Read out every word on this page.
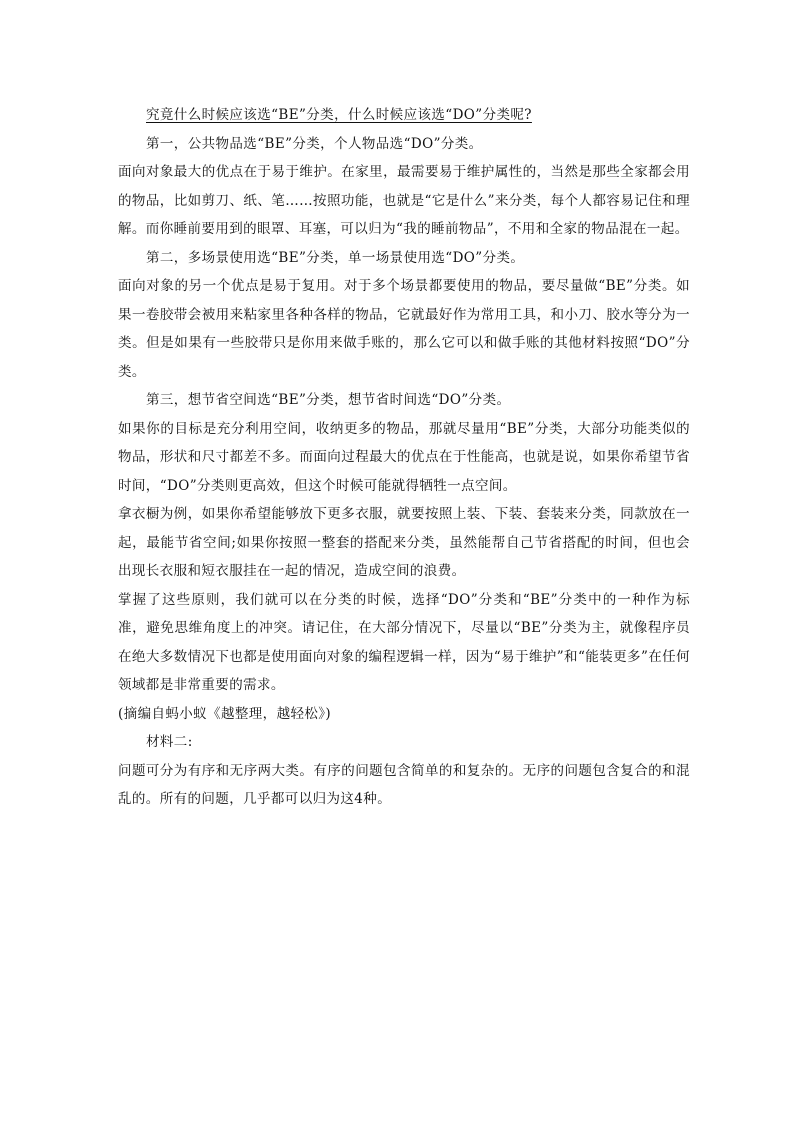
究竟什么时候应该选“BE”分类，什么时候应该选“DO”分类呢?

第一，公共物品选“BE”分类，个人物品选“DO”分类。

面向对象最大的优点在于易于维护。在家里，最需要易于维护属性的，当然是那些全家都会用的物品，比如剪刀、纸、笔……按照功能，也就是“它是什么”来分类，每个人都容易记住和理解。而你睡前要用到的眼罩、耳塞，可以归为“我的睡前物品”，不用和全家的物品混在一起。

第二，多场景使用选“BE”分类，单一场景使用选“DO”分类。

面向对象的另一个优点是易于复用。对于多个场景都要使用的物品，要尽量做“BE”分类。如果一卷胶带会被用来粘家里各种各样的物品，它就最好作为常用工具，和小刀、胶水等分为一类。但是如果有一些胶带只是你用来做手账的，那么它可以和做手账的其他材料按照“DO”分类。

第三，想节省空间选“BE”分类，想节省时间选“DO”分类。

如果你的目标是充分利用空间，收纳更多的物品，那就尽量用“BE”分类，大部分功能类似的物品，形状和尺寸都差不多。而面向过程最大的优点在于性能高，也就是说，如果你希望节省时间，“DO”分类则更高效，但这个时候可能就得牺牲一点空间。

拿衣橱为例，如果你希望能够放下更多衣服，就要按照上装、下装、套装来分类，同款放在一起，最能节省空间;如果你按照一整套的搭配来分类，虽然能帮自己节省搭配的时间，但也会出现长衣服和短衣服挂在一起的情况，造成空间的浪费。

掌握了这些原则，我们就可以在分类的时候，选择“DO”分类和“BE”分类中的一种作为标准，避免思维角度上的冲突。请记住，在大部分情况下，尽量以“BE”分类为主，就像程序员在绝大多数情况下也都是使用面向对象的编程逻辑一样，因为“易于维护”和“能装更多”在任何领域都是非常重要的需求。

(摘编自蚂小蚁《越整理，越轻松》)

材料二:

问题可分为有序和无序两大类。有序的问题包含简单的和复杂的。无序的问题包含复合的和混乱的。所有的问题，几乎都可以归为这4种。
